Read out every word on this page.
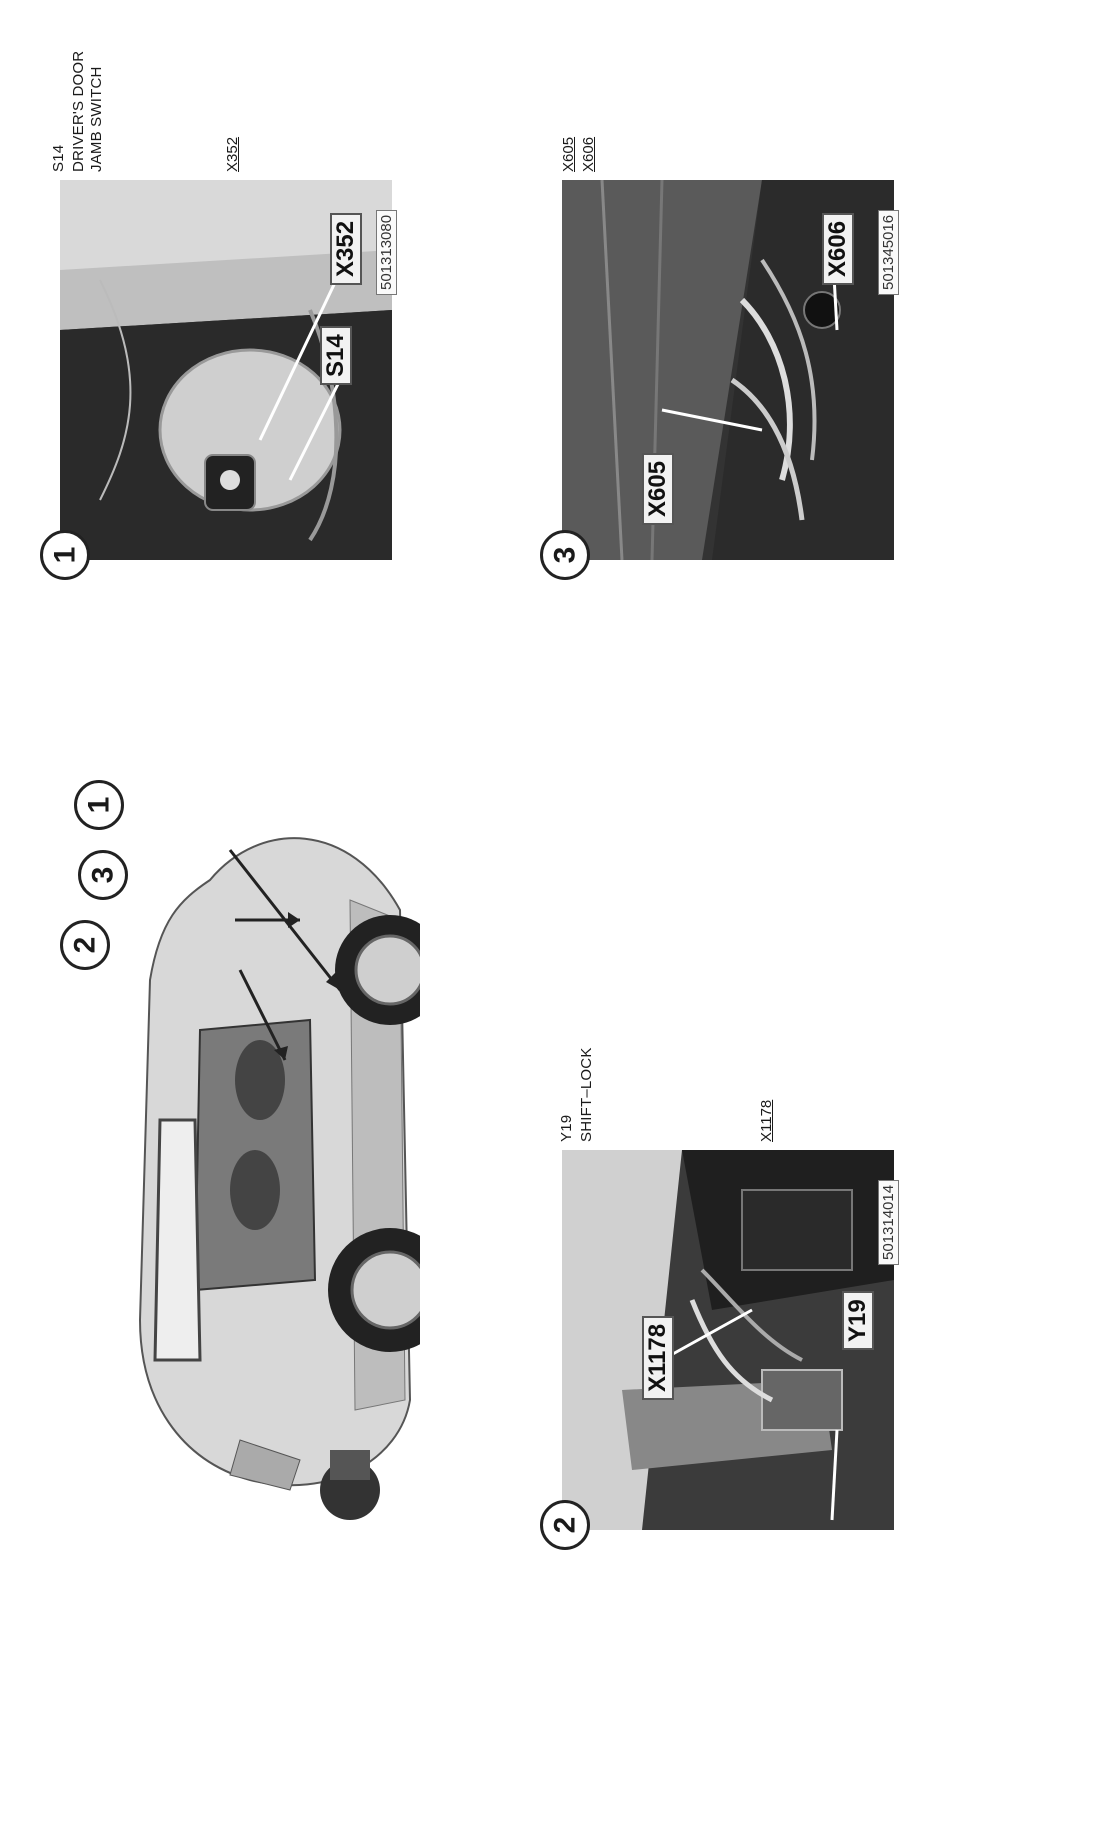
1
3
2
S14
X352 501313080
1
S14 DRIVER'S DOOR JAMB SWITCH	X352
X605
X606 501345016
3
X605 X606
X1178
Y19
501314014
2
Y19 SHIFT–LOCK	X1178
